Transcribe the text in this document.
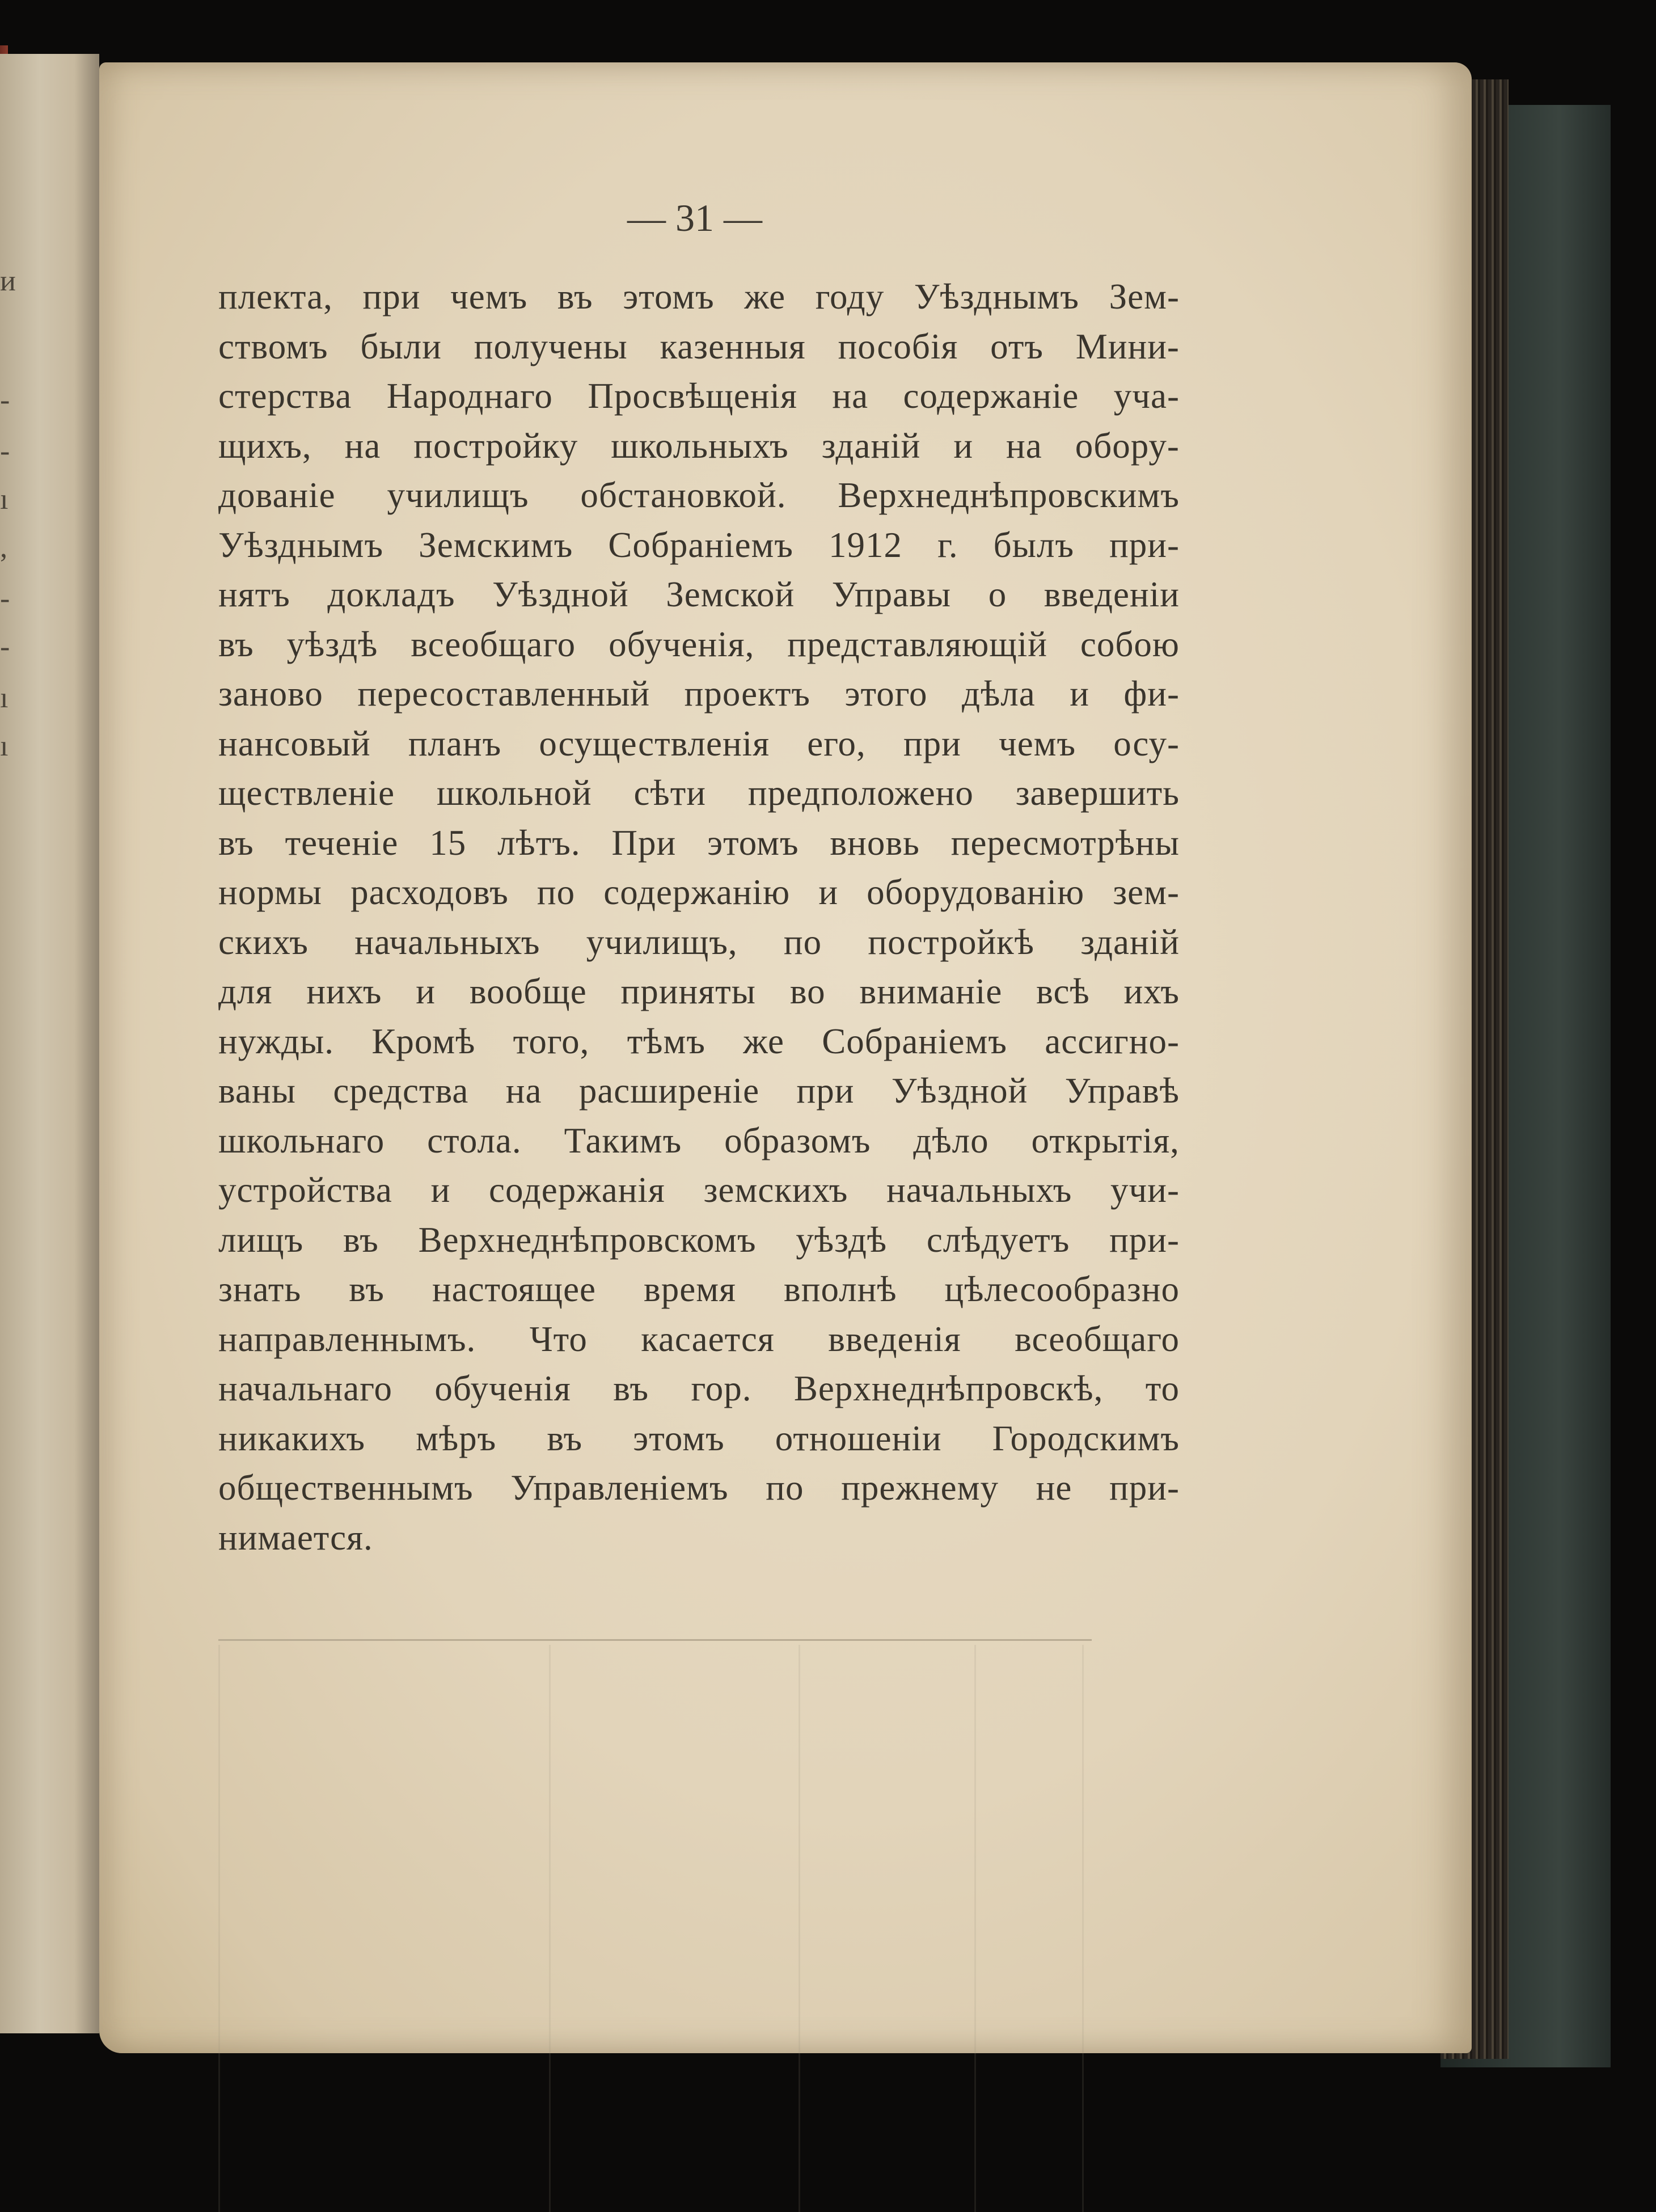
и
-
-
ı
,
-
-
ı
ı
— 31 —
плекта, при чемъ въ этомъ же году Уѣзднымъ Зем-
ствомъ были получены казенныя пособія отъ Мини-
стерства Народнаго Просвѣщенія на содержаніе уча-
щихъ, на постройку школьныхъ зданій и на обору-
дованіе училищъ обстановкой. Верхнеднѣпровскимъ
Уѣзднымъ Земскимъ Собраніемъ 1912 г. былъ при-
нятъ докладъ Уѣздной Земской Управы о введеніи
въ уѣздѣ всеобщаго обученія, представляющій собою
заново пересоставленный проектъ этого дѣла и фи-
нансовый планъ осуществленія его, при чемъ осу-
ществленіе школьной сѣти предположено завершить
въ теченіе 15 лѣтъ. При этомъ вновь пересмотрѣны
нормы расходовъ по содержанію и оборудованію зем-
скихъ начальныхъ училищъ, по постройкѣ зданій
для нихъ и вообще приняты во вниманіе всѣ ихъ
нужды. Кромѣ того, тѣмъ же Собраніемъ ассигно-
ваны средства на расширеніе при Уѣздной Управѣ
школьнаго стола. Такимъ образомъ дѣло открытія,
устройства и содержанія земскихъ начальныхъ учи-
лищъ въ Верхнеднѣпровскомъ уѣздѣ слѣдуетъ при-
знать въ настоящее время вполнѣ цѣлесообразно
направленнымъ. Что касается введенія всеобщаго
начальнаго обученія въ гор. Верхнеднѣпровскѣ, то
никакихъ мѣръ въ этомъ отношеніи Городскимъ
общественнымъ Управленіемъ по прежнему не при-
нимается.
